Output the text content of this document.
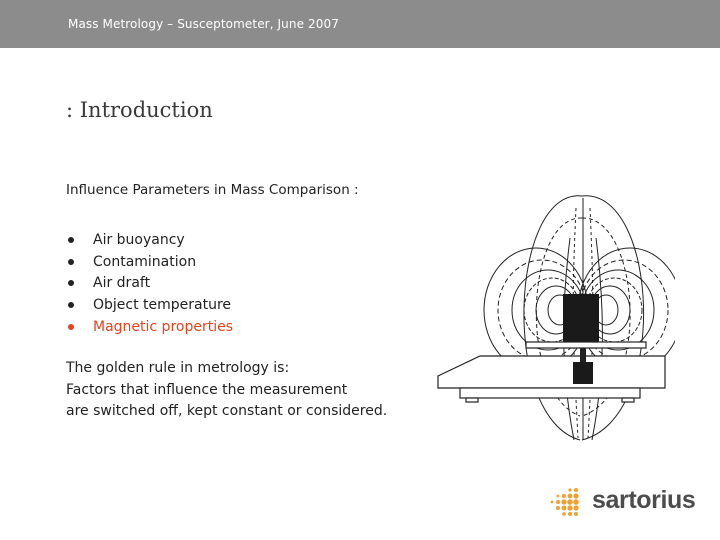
Mass Metrology – Susceptometer, June 2007
: Introduction
Influence Parameters in Mass Comparison :
Air buoyancy
Contamination
Air draft
Object temperature
Magnetic properties
The golden rule in metrology is:
Factors that influence the measurement
are switched off, kept constant or considered.
sartorius
